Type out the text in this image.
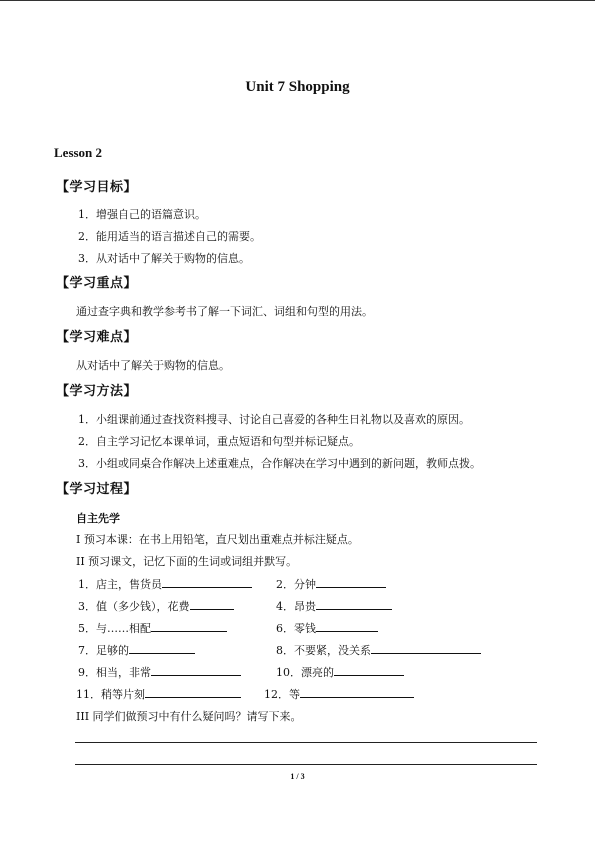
Unit 7 Shopping
Lesson 2
【学习目标】
1．增强自己的语篇意识。
2．能用适当的语言描述自己的需要。
3．从对话中了解关于购物的信息。
【学习重点】
通过查字典和教学参考书了解一下词汇、词组和句型的用法。
【学习难点】
从对话中了解关于购物的信息。
【学习方法】
1．小组课前通过查找资料搜寻、讨论自己喜爱的各种生日礼物以及喜欢的原因。
2．自主学习记忆本课单词，重点短语和句型并标记疑点。
3．小组或同桌合作解决上述重难点，合作解决在学习中遇到的新问题，教师点拨。
【学习过程】
自主先学
I 预习本课：在书上用铅笔，直尺划出重难点并标注疑点。
II 预习课文，记忆下面的生词或词组并默写。
1．店主，售货员	2．分钟
3．值（多少钱），花费	4．昂贵
5．与……相配	6．零钱
7．足够的	8．不要紧，没关系
9．相当，非常	10．漂亮的
11．稍等片刻	12．等
III 同学们做预习中有什么疑问吗？请写下来。
1 / 3
